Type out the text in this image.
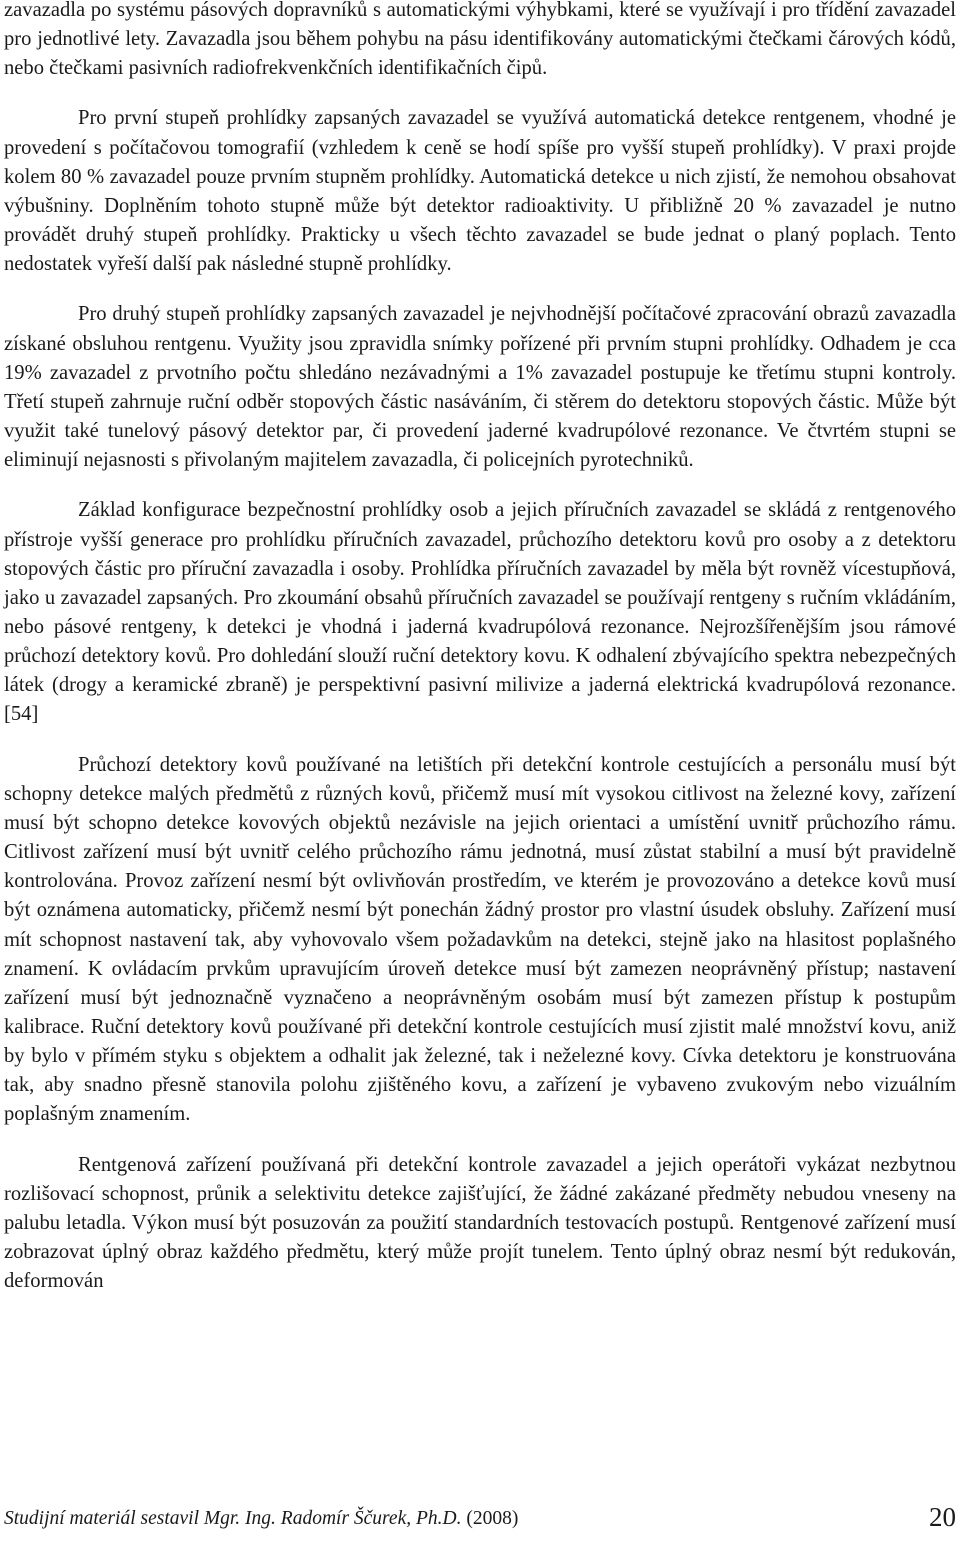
zavazadla po systému pásových dopravníků s automatickými výhybkami, které se využívají i pro třídění zavazadel pro jednotlivé lety. Zavazadla jsou během pohybu na pásu identifikovány automatickými čtečkami čárových kódů, nebo čtečkami pasivních radiofrekvenkčních identifikačních čipů.

Pro první stupeň prohlídky zapsaných zavazadel se využívá automatická detekce rentgenem, vhodné je provedení s počítačovou tomografií (vzhledem k ceně se hodí spíše pro vyšší stupeň prohlídky). V praxi projde kolem 80 % zavazadel pouze prvním stupněm prohlídky. Automatická detekce u nich zjistí, že nemohou obsahovat výbušniny. Doplněním tohoto stupně může být detektor radioaktivity. U přibližně 20 % zavazadel je nutno provádět druhý stupeň prohlídky. Prakticky u všech těchto zavazadel se bude jednat o planý poplach. Tento nedostatek vyřeší další pak následné stupně prohlídky.

Pro druhý stupeň prohlídky zapsaných zavazadel je nejvhodnější počítačové zpracování obrazů zavazadla získané obsluhou rentgenu. Využity jsou zpravidla snímky pořízené při prvním stupni prohlídky. Odhadem je cca 19% zavazadel z prvotního počtu shledáno nezávadnými a 1% zavazadel postupuje ke třetímu stupni kontroly. Třetí stupeň zahrnuje ruční odběr stopových částic nasáváním, či stěrem do detektoru stopových částic. Může být využit také tunelový pásový detektor par, či provedení jaderné kvadrupólové rezonance. Ve čtvrtém stupni se eliminují nejasnosti s přivolaným majitelem zavazadla, či policejních pyrotechniků.

Základ konfigurace bezpečnostní prohlídky osob a jejich příručních zavazadel se skládá z rentgenového přístroje vyšší generace pro prohlídku příručních zavazadel, průchozího detektoru kovů pro osoby a z detektoru stopových částic pro příruční zavazadla i osoby. Prohlídka příručních zavazadel by měla být rovněž vícestupňová, jako u zavazadel zapsaných. Pro zkoumání obsahů příručních zavazadel se používají rentgeny s ručním vkládáním, nebo pásové rentgeny, k detekci je vhodná i jaderná kvadrupólová rezonance. Nejrozšířenějším jsou rámové průchozí detektory kovů. Pro dohledání slouží ruční detektory kovu. K odhalení zbývajícího spektra nebezpečných látek (drogy a keramické zbraně) je perspektivní pasivní milivize a jaderná elektrická kvadrupólová rezonance. [54]

Průchozí detektory kovů používané na letištích při detekční kontrole cestujících a personálu musí být schopny detekce malých předmětů z různých kovů, přičemž musí mít vysokou citlivost na železné kovy, zařízení musí být schopno detekce kovových objektů nezávisle na jejich orientaci a umístění uvnitř průchozího rámu. Citlivost zařízení musí být uvnitř celého průchozího rámu jednotná, musí zůstat stabilní a musí být pravidelně kontrolována. Provoz zařízení nesmí být ovlivňován prostředím, ve kterém je provozováno a detekce kovů musí být oznámena automaticky, přičemž nesmí být ponechán žádný prostor pro vlastní úsudek obsluhy. Zařízení musí mít schopnost nastavení tak, aby vyhovovalo všem požadavkům na detekci, stejně jako na hlasitost poplašného znamení. K ovládacím prvkům upravujícím úroveň detekce musí být zamezen neoprávněný přístup; nastavení zařízení musí být jednoznačně vyznačeno a neoprávněným osobám musí být zamezen přístup k postupům kalibrace. Ruční detektory kovů používané při detekční kontrole cestujících musí zjistit malé množství kovu, aniž by bylo v přímém styku s objektem a odhalit jak železné, tak i neželezné kovy. Cívka detektoru je konstruována tak, aby snadno přesně stanovila polohu zjištěného kovu, a zařízení je vybaveno zvukovým nebo vizuálním poplašným znamením.

Rentgenová zařízení používaná při detekční kontrole zavazadel a jejich operátoři vykázat nezbytnou rozlišovací schopnost, průnik a selektivitu detekce zajišťující, že žádné zakázané předměty nebudou vneseny na palubu letadla. Výkon musí být posuzován za použití standardních testovacích postupů. Rentgenové zařízení musí zobrazovat úplný obraz každého předmětu, který může projít tunelem. Tento úplný obraz nesmí být redukován, deformován

Studijní materiál sestavil Mgr. Ing. Radomír Ščurek, Ph.D. (2008)	20
